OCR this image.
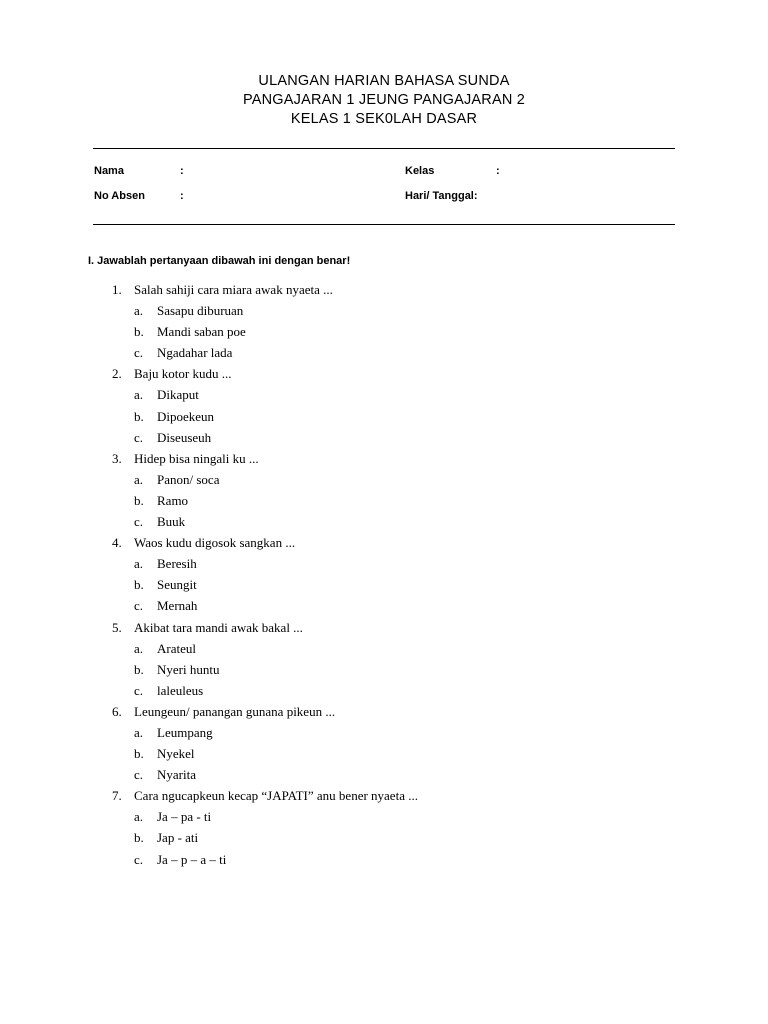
ULANGAN HARIAN BAHASA SUNDA
PANGAJARAN 1 JEUNG PANGAJARAN 2
KELAS 1 SEK0LAH DASAR
Nama	:	Kelas	:
No Absen	:	Hari/ Tanggal:
I. Jawablah pertanyaan dibawah ini dengan benar!
1. Salah sahiji cara miara awak nyaeta ...
a. Sasapu diburuan
b. Mandi saban poe
c. Ngadahar lada
2. Baju kotor kudu ...
a. Dikaput
b. Dipoekeun
c. Diseuseuh
3. Hidep bisa ningali ku ...
a. Panon/ soca
b. Ramo
c. Buuk
4. Waos kudu digosok sangkan ...
a. Beresih
b. Seungit
c. Mernah
5. Akibat tara mandi awak bakal ...
a. Arateul
b. Nyeri huntu
c. laleuleus
6. Leungeun/ panangan gunana pikeun ...
a. Leumpang
b. Nyekel
c. Nyarita
7. Cara ngucapkeun kecap “JAPATI” anu bener nyaeta ...
a. Ja – pa - ti
b. Jap - ati
c. Ja – p – a – ti
